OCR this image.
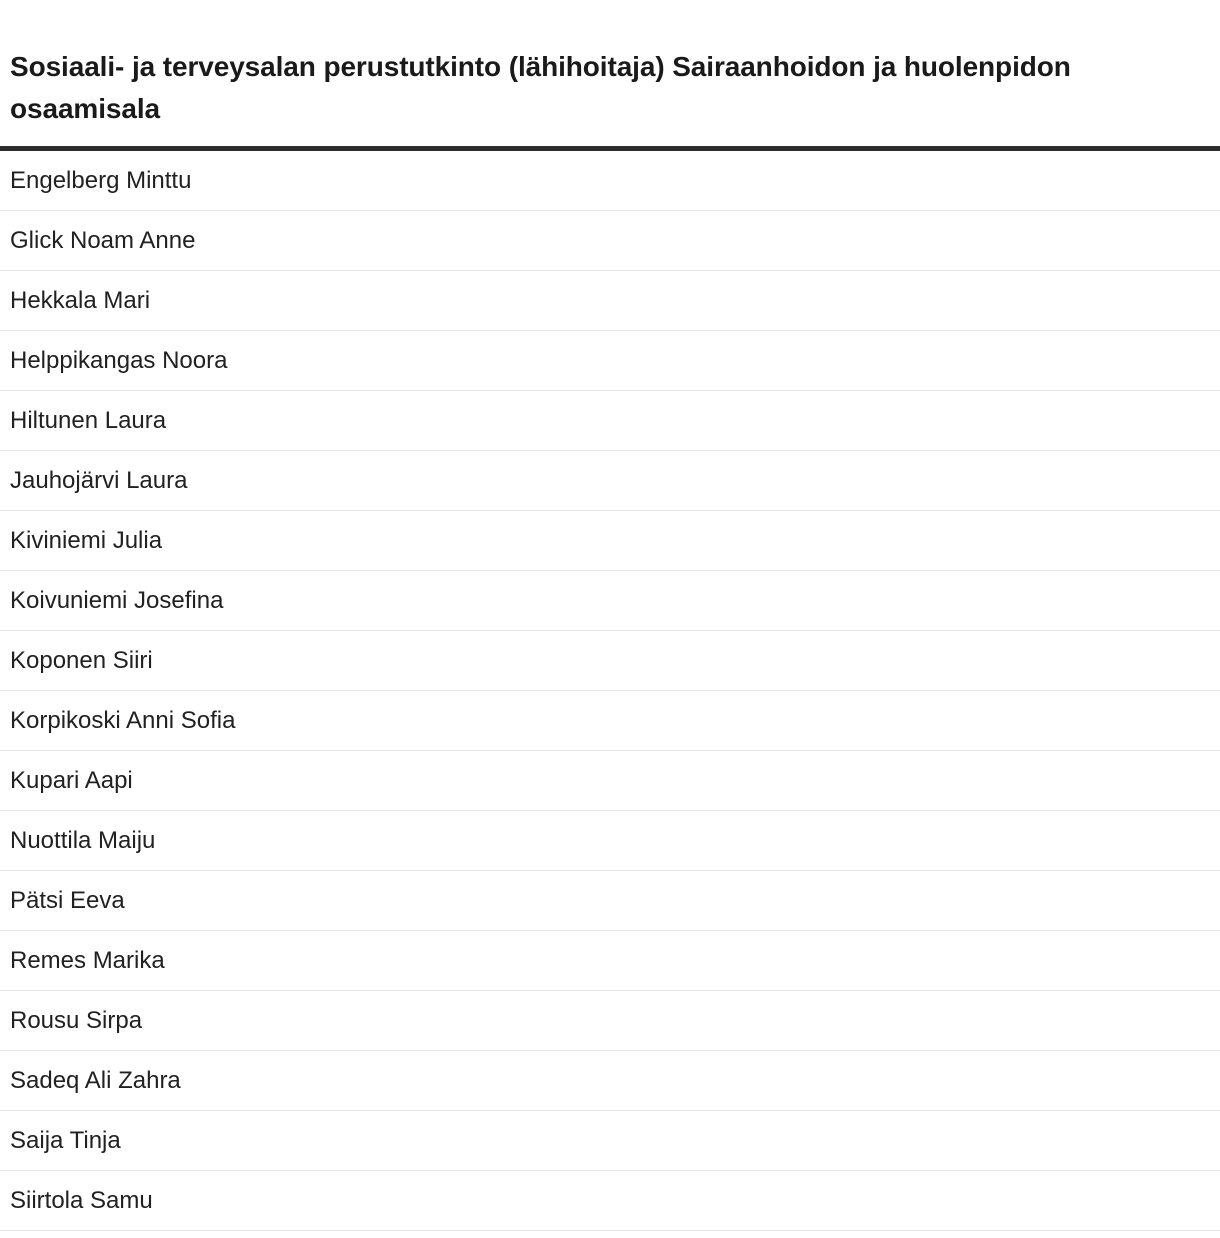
Sosiaali- ja terveysalan perustutkinto (lähihoitaja) Sairaanhoidon ja huolenpidon osaamisala
Engelberg Minttu
Glick Noam Anne
Hekkala Mari
Helppikangas Noora
Hiltunen Laura
Jauhojärvi Laura
Kiviniemi Julia
Koivuniemi Josefina
Koponen Siiri
Korpikoski Anni Sofia
Kupari Aapi
Nuottila Maiju
Pätsi Eeva
Remes Marika
Rousu Sirpa
Sadeq Ali Zahra
Saija Tinja
Siirtola Samu
